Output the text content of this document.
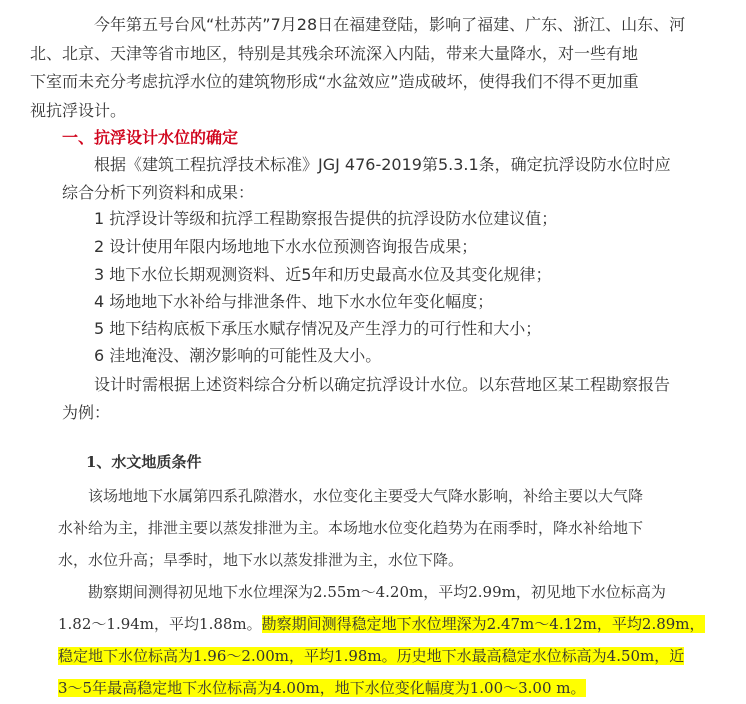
今年第五号台风“杜苏芮”7月28日在福建登陆，影响了福建、广东、浙江、山东、河
北、北京、天津等省市地区，特别是其残余环流深入内陆，带来大量降水，对一些有地
下室而未充分考虑抗浮水位的建筑物形成“水盆效应”造成破坏，使得我们不得不更加重
视抗浮设计。

一、抗浮设计水位的确定

根据《建筑工程抗浮技术标准》JGJ 476-2019第5.3.1条，确定抗浮设防水位时应
综合分析下列资料和成果：

1 抗浮设计等级和抗浮工程勘察报告提供的抗浮设防水位建议值；

2 设计使用年限内场地地下水水位预测咨询报告成果；

3 地下水位长期观测资料、近5年和历史最高水位及其变化规律；

4 场地地下水补给与排泄条件、地下水水位年变化幅度；

5 地下结构底板下承压水赋存情况及产生浮力的可行性和大小；

6 洼地淹没、潮汐影响的可能性及大小。

设计时需根据上述资料综合分析以确定抗浮设计水位。以东营地区某工程勘察报告
为例：

1、水文地质条件
该场地地下水属第四系孔隙潜水，水位变化主要受大气降水影响，补给主要以大气降
水补给为主，排泄主要以蒸发排泄为主。本场地水位变化趋势为在雨季时，降水补给地下
水，水位升高；旱季时，地下水以蒸发排泄为主，水位下降。
勘察期间测得初见地下水位埋深为2.55m～4.20m，平均2.99m，初见地下水位标高为
1.82～1.94m，平均1.88m。勘察期间测得稳定地下水位埋深为2.47m～4.12m，平均2.89m，
稳定地下水位标高为1.96～2.00m，平均1.98m。历史地下水最高稳定水位标高为4.50m，近
3～5年最高稳定地下水位标高为4.00m，地下水位变化幅度为1.00～3.00 m。
